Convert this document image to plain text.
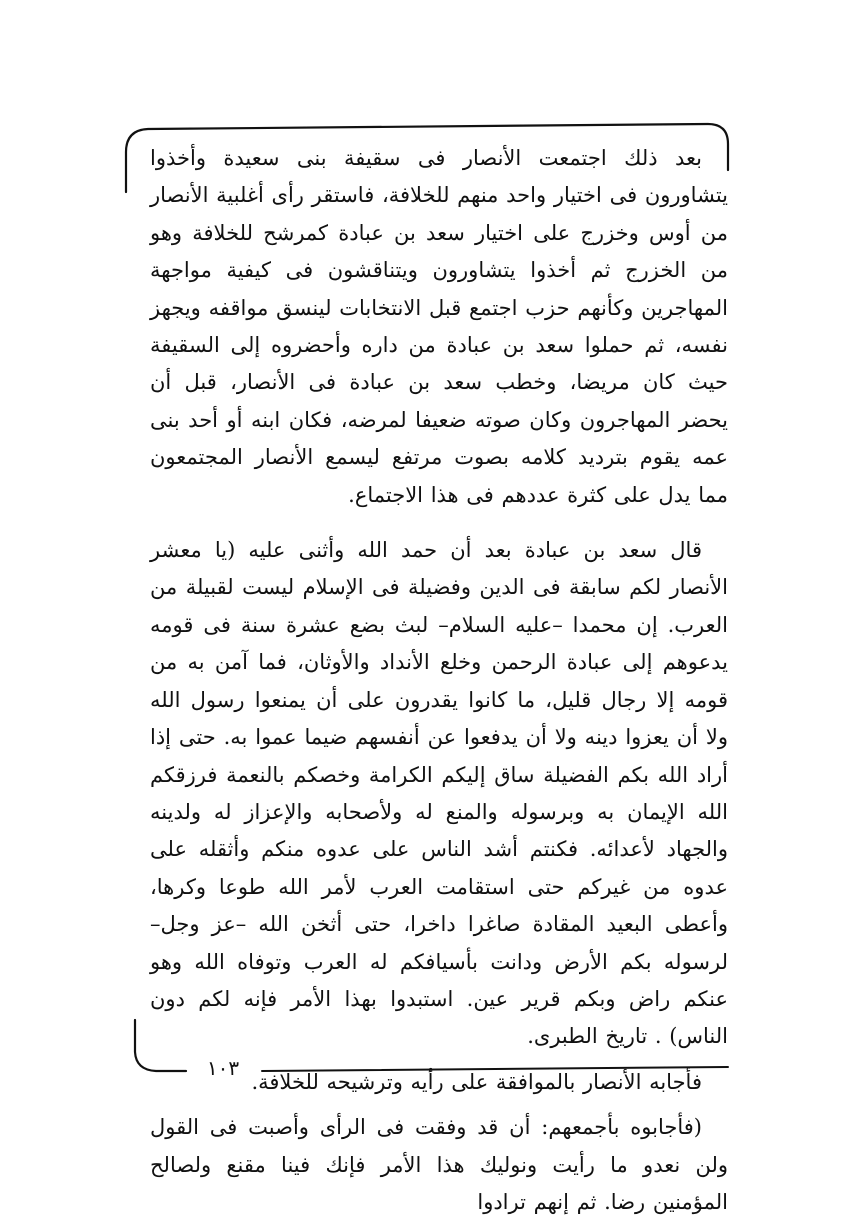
بعد ذلك اجتمعت الأنصار فى سقيفة بنى سعيدة وأخذوا يتشاورون فى اختيار واحد منهم للخلافة، فاستقر رأى أغلبية الأنصار من أوس وخزرج على اختيار سعد بن عبادة كمرشح للخلافة وهو من الخزرج ثم أخذوا يتشاورون ويتناقشون فى كيفية مواجهة المهاجرين وكأنهم حزب اجتمع قبل الانتخابات لينسق مواقفه ويجهز نفسه، ثم حملوا سعد بن عبادة من داره وأحضروه إلى السقيفة حيث كان مريضا، وخطب سعد بن عبادة فى الأنصار، قبل أن يحضر المهاجرون وكان صوته ضعيفا لمرضه، فكان ابنه أو أحد بنى عمه يقوم بترديد كلامه بصوت مرتفع ليسمع الأنصار المجتمعون مما يدل على كثرة عددهم فى هذا الاجتماع.

قال سعد بن عبادة بعد أن حمد الله وأثنى عليه (يا معشر الأنصار لكم سابقة فى الدين وفضيلة فى الإسلام ليست لقبيلة من العرب. إن محمدا –عليه السلام– لبث بضع عشرة سنة فى قومه يدعوهم إلى عبادة الرحمن وخلع الأنداد والأوثان، فما آمن به من قومه إلا رجال قليل، ما كانوا يقدرون على أن يمنعوا رسول الله ولا أن يعزوا دينه ولا أن يدفعوا عن أنفسهم ضيما عموا به. حتى إذا أراد الله بكم الفضيلة ساق إليكم الكرامة وخصكم بالنعمة فرزقكم الله الإيمان به وبرسوله والمنع له ولأصحابه والإعزاز له ولدينه والجهاد لأعدائه. فكنتم أشد الناس على عدوه منكم وأثقله على عدوه من غيركم حتى استقامت العرب لأمر الله طوعا وكرها، وأعطى البعيد المقادة صاغرا داخرا، حتى أثخن الله –عز وجل– لرسوله بكم الأرض ودانت بأسيافكم له العرب وتوفاه الله وهو عنكم راض وبكم قرير عين. استبدوا بهذا الأمر فإنه لكم دون الناس) . تاريخ الطبرى.

فأجابه الأنصار بالموافقة على رأيه وترشيحه للخلافة.

(فأجابوه بأجمعهم: أن قد وفقت فى الرأى وأصبت فى القول ولن نعدو ما رأيت ونوليك هذا الأمر فإنك فينا مقنع ولصالح المؤمنين رضا. ثم إنهم ترادوا

١٠٣
